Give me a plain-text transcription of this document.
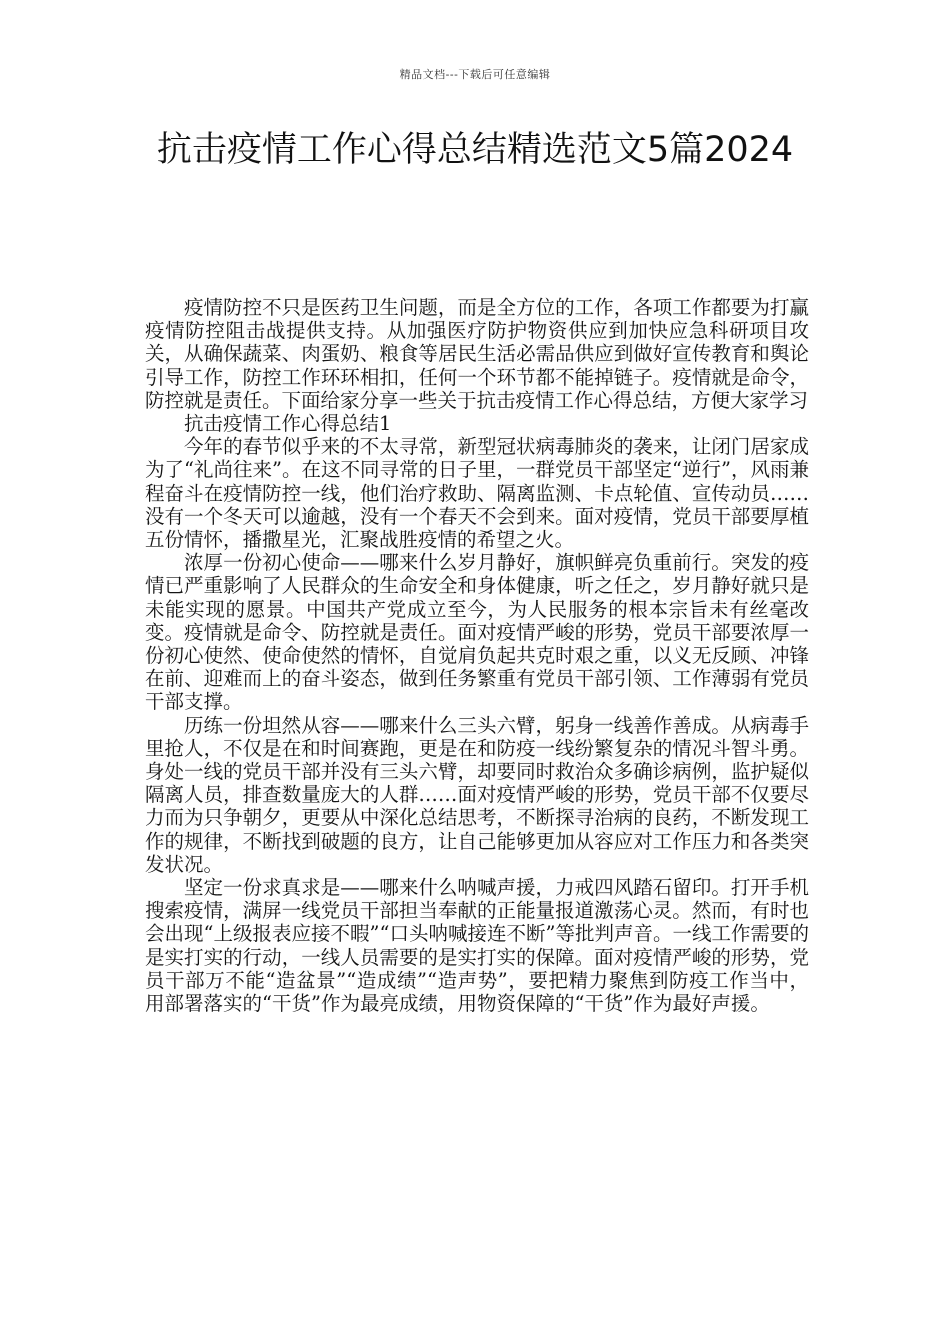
精品文档---下载后可任意编辑
抗击疫情工作心得总结精选范文5篇2024

疫情防控不只是医药卫生问题，而是全方位的工作，各项工作都要为打赢疫情防控阻击战提供支持。从加强医疗防护物资供应到加快应急科研项目攻关，从确保蔬菜、肉蛋奶、粮食等居民生活必需品供应到做好宣传教育和舆论引导工作，防控工作环环相扣，任何一个环节都不能掉链子。疫情就是命令，防控就是责任。下面给家分享一些关于抗击疫情工作心得总结，方便大家学习

抗击疫情工作心得总结1

今年的春节似乎来的不太寻常，新型冠状病毒肺炎的袭来，让闭门居家成为了“礼尚往来”。在这不同寻常的日子里，一群党员干部坚定“逆行”，风雨兼程奋斗在疫情防控一线，他们治疗救助、隔离监测、卡点轮值、宣传动员……没有一个冬天可以逾越，没有一个春天不会到来。面对疫情，党员干部要厚植五份情怀，播撒星光，汇聚战胜疫情的希望之火。

浓厚一份初心使命——哪来什么岁月静好，旗帜鲜亮负重前行。突发的疫情已严重影响了人民群众的生命安全和身体健康，听之任之，岁月静好就只是未能实现的愿景。中国共产党成立至今，为人民服务的根本宗旨未有丝毫改变。疫情就是命令、防控就是责任。面对疫情严峻的形势，党员干部要浓厚一份初心使然、使命使然的情怀，自觉肩负起共克时艰之重，以义无反顾、冲锋在前、迎难而上的奋斗姿态，做到任务繁重有党员干部引领、工作薄弱有党员干部支撑。

历练一份坦然从容——哪来什么三头六臂，躬身一线善作善成。从病毒手里抢人，不仅是在和时间赛跑，更是在和防疫一线纷繁复杂的情况斗智斗勇。身处一线的党员干部并没有三头六臂，却要同时救治众多确诊病例，监护疑似隔离人员，排查数量庞大的人群……面对疫情严峻的形势，党员干部不仅要尽力而为只争朝夕，更要从中深化总结思考，不断探寻治病的良药，不断发现工作的规律，不断找到破题的良方，让自己能够更加从容应对工作压力和各类突发状况。

坚定一份求真求是——哪来什么呐喊声援，力戒四风踏石留印。打开手机搜索疫情，满屏一线党员干部担当奉献的正能量报道激荡心灵。然而，有时也会出现“上级报表应接不暇”“口头呐喊接连不断”等批判声音。一线工作需要的是实打实的行动，一线人员需要的是实打实的保障。面对疫情严峻的形势，党员干部万不能“造盆景”“造成绩”“造声势”，要把精力聚焦到防疫工作当中，用部署落实的“干货”作为最亮成绩，用物资保障的“干货”作为最好声援。
